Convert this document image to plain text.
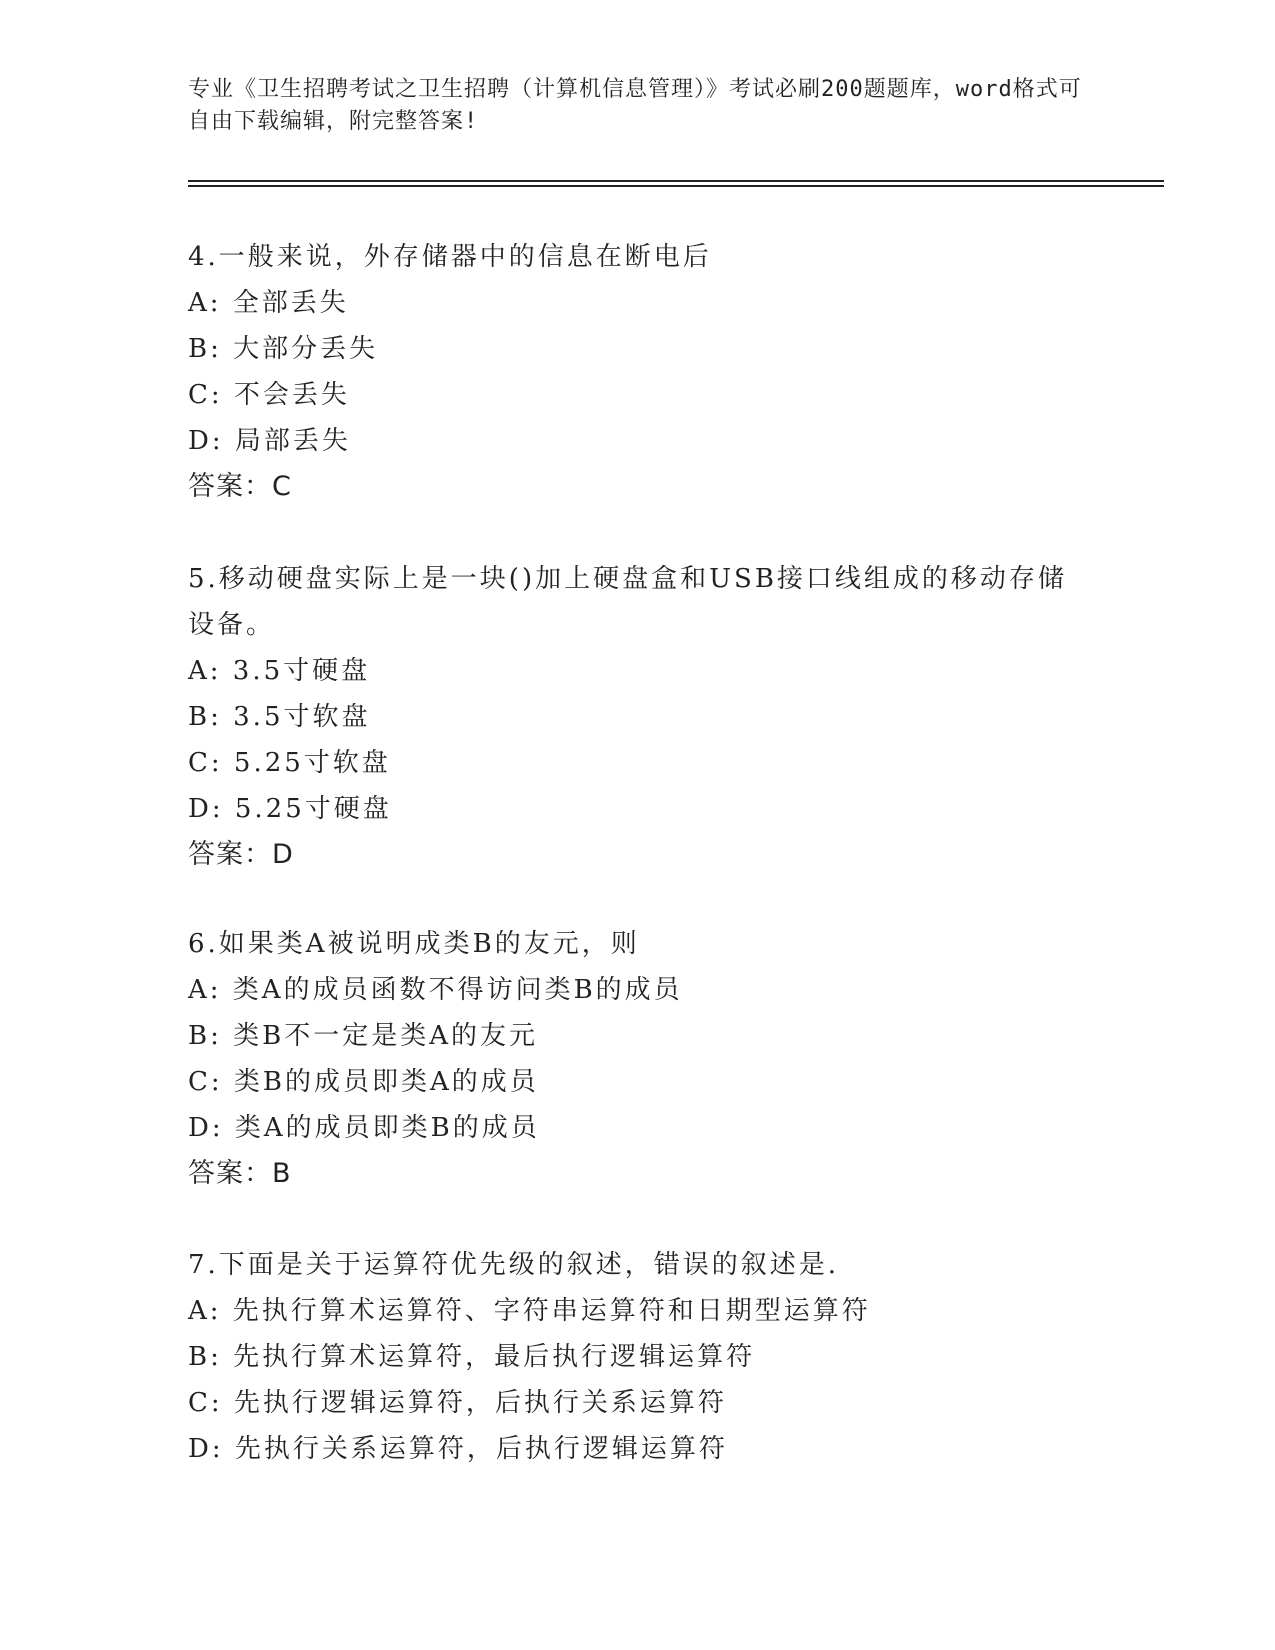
专业《卫生招聘考试之卫生招聘（计算机信息管理）》考试必刷200题题库，word格式可自由下载编辑，附完整答案!
4.一般来说，外存储器中的信息在断电后
A: 全部丢失
B: 大部分丢失
C: 不会丢失
D: 局部丢失
答案：C
5.移动硬盘实际上是一块()加上硬盘盒和USB接口线组成的移动存储设备。
A: 3.5寸硬盘
B: 3.5寸软盘
C: 5.25寸软盘
D: 5.25寸硬盘
答案：D
6.如果类A被说明成类B的友元，则
A: 类A的成员函数不得访问类B的成员
B: 类B不一定是类A的友元
C: 类B的成员即类A的成员
D: 类A的成员即类B的成员
答案：B
7.下面是关于运算符优先级的叙述，错误的叙述是.
A: 先执行算术运算符、字符串运算符和日期型运算符
B: 先执行算术运算符，最后执行逻辑运算符
C: 先执行逻辑运算符，后执行关系运算符
D: 先执行关系运算符，后执行逻辑运算符
